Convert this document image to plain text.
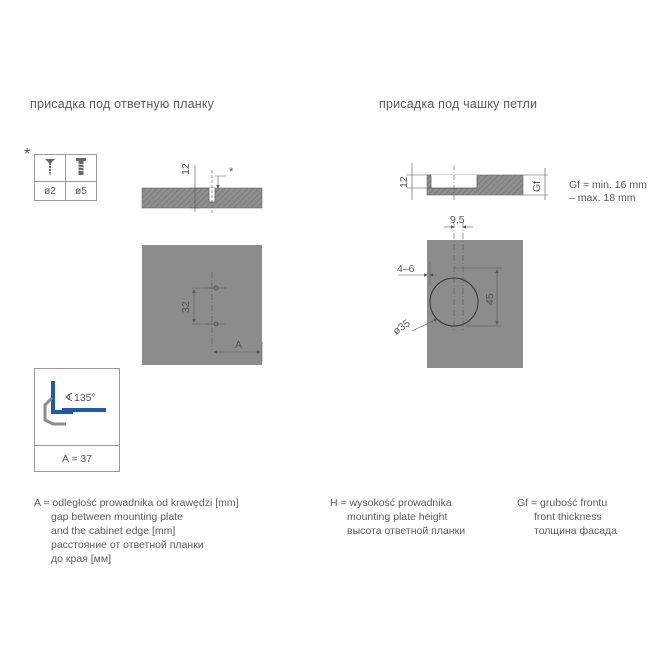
присадка под ответную планку	присадка под чашку петли
*

ø2	ø5
12	*
32
A
12	Gf Gf = min. 16 mm
– max. 18 mm
9,5
4–6
ø35
45
135°
A = 37
A = odległość prowadnika od krawędzi [mm]
gap between mounting plate
and the cabinet edge [mm]
расстояние от ответной планки
до края [мм]
H = wysokość prowadnika
mounting plate height
высота ответной планки
Gf = grubość frontu
front thickness
толщина фасада
